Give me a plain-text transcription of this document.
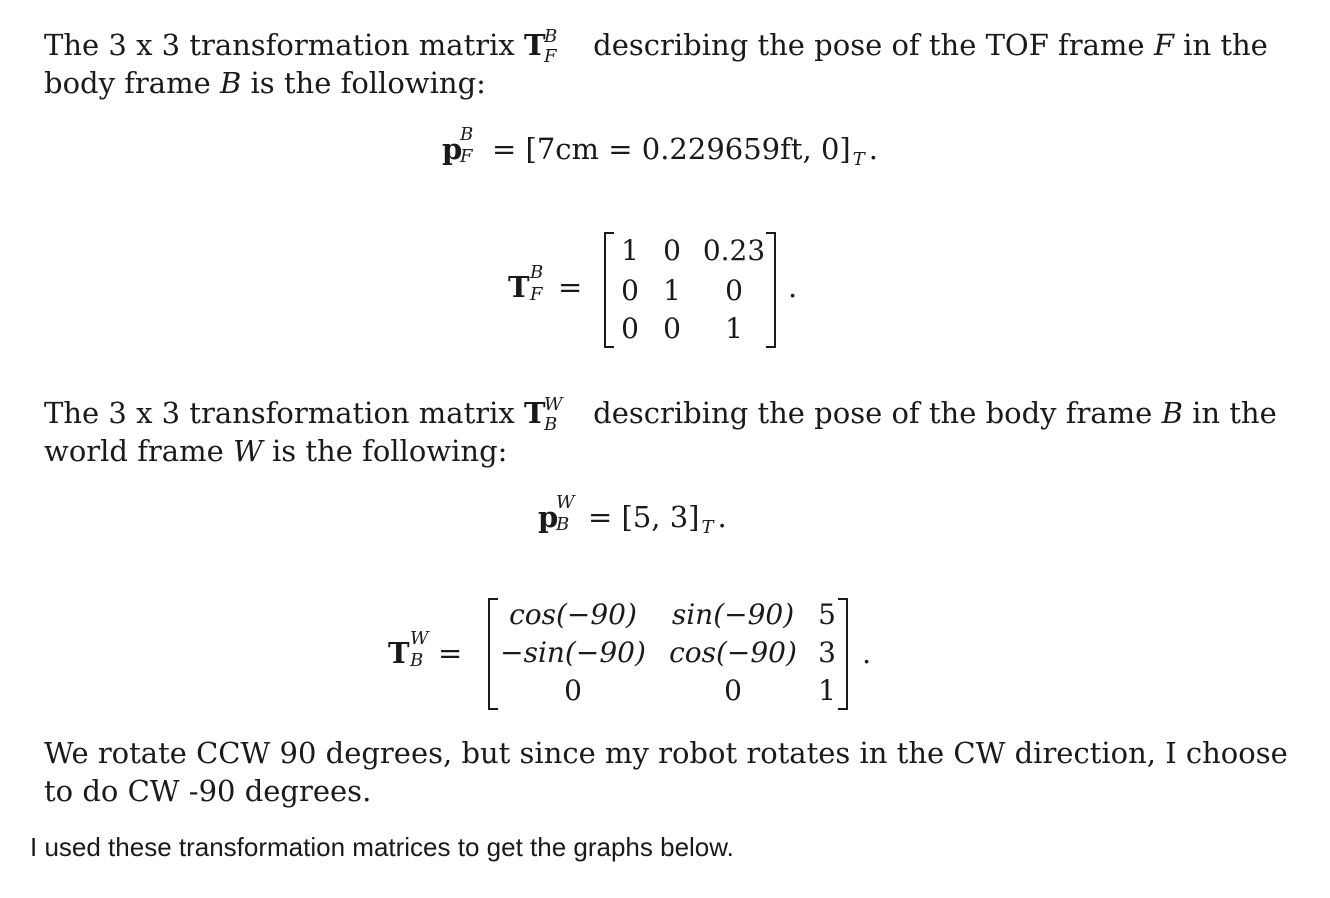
The 3 x 3 transformation matrix T
B
F describing the pose of the TOF frame F in the
body frame B is the following:
p
B
F = [7cm = 0.229659ft, 0] T .
T B
F =
1 0 0.23
0 1	0
0 0	1
.
The 3 x 3 transformation matrix T
W
B describing the pose of the body frame B in the
world frame W is the following:
p
W
B = [5, 3] T .
T W
B =
cos(−90)	sin(−90) 5
−sin(−90) cos(−90) 3
0	0	1
.
We rotate CCW 90 degrees, but since my robot rotates in the CW direction, I choose
to do CW -90 degrees.
I used these transformation matrices to get the graphs below.
